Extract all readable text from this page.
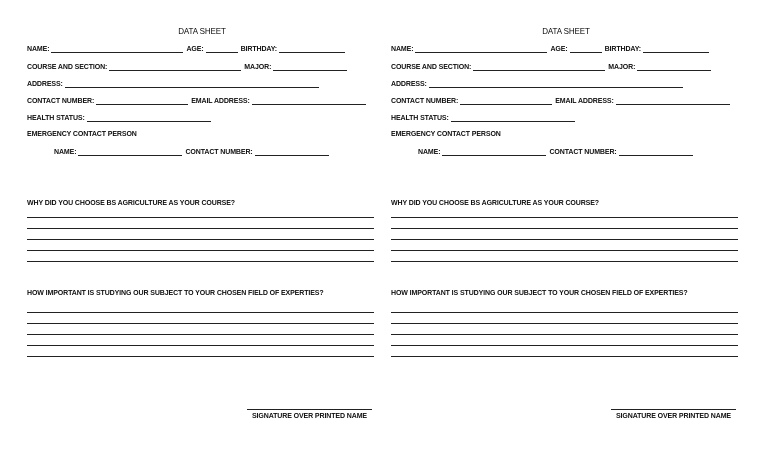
DATA SHEET
NAME:	AGE:	BIRTHDAY:
COURSE AND SECTION:	MAJOR:
ADDRESS:
CONTACT NUMBER:	EMAIL ADDRESS:
HEALTH STATUS:
EMERGENCY CONTACT PERSON
NAME:	CONTACT NUMBER:
WHY DID YOU CHOOSE BS AGRICULTURE AS YOUR COURSE?
HOW IMPORTANT IS STUDYING OUR SUBJECT TO YOUR CHOSEN FIELD OF EXPERTIES?
SIGNATURE OVER PRINTED NAME
DATA SHEET
NAME:	AGE:	BIRTHDAY:
COURSE AND SECTION:	MAJOR:
ADDRESS:
CONTACT NUMBER:	EMAIL ADDRESS:
HEALTH STATUS:
EMERGENCY CONTACT PERSON
NAME:	CONTACT NUMBER:
WHY DID YOU CHOOSE BS AGRICULTURE AS YOUR COURSE?
HOW IMPORTANT IS STUDYING OUR SUBJECT TO YOUR CHOSEN FIELD OF EXPERTIES?
SIGNATURE OVER PRINTED NAME
